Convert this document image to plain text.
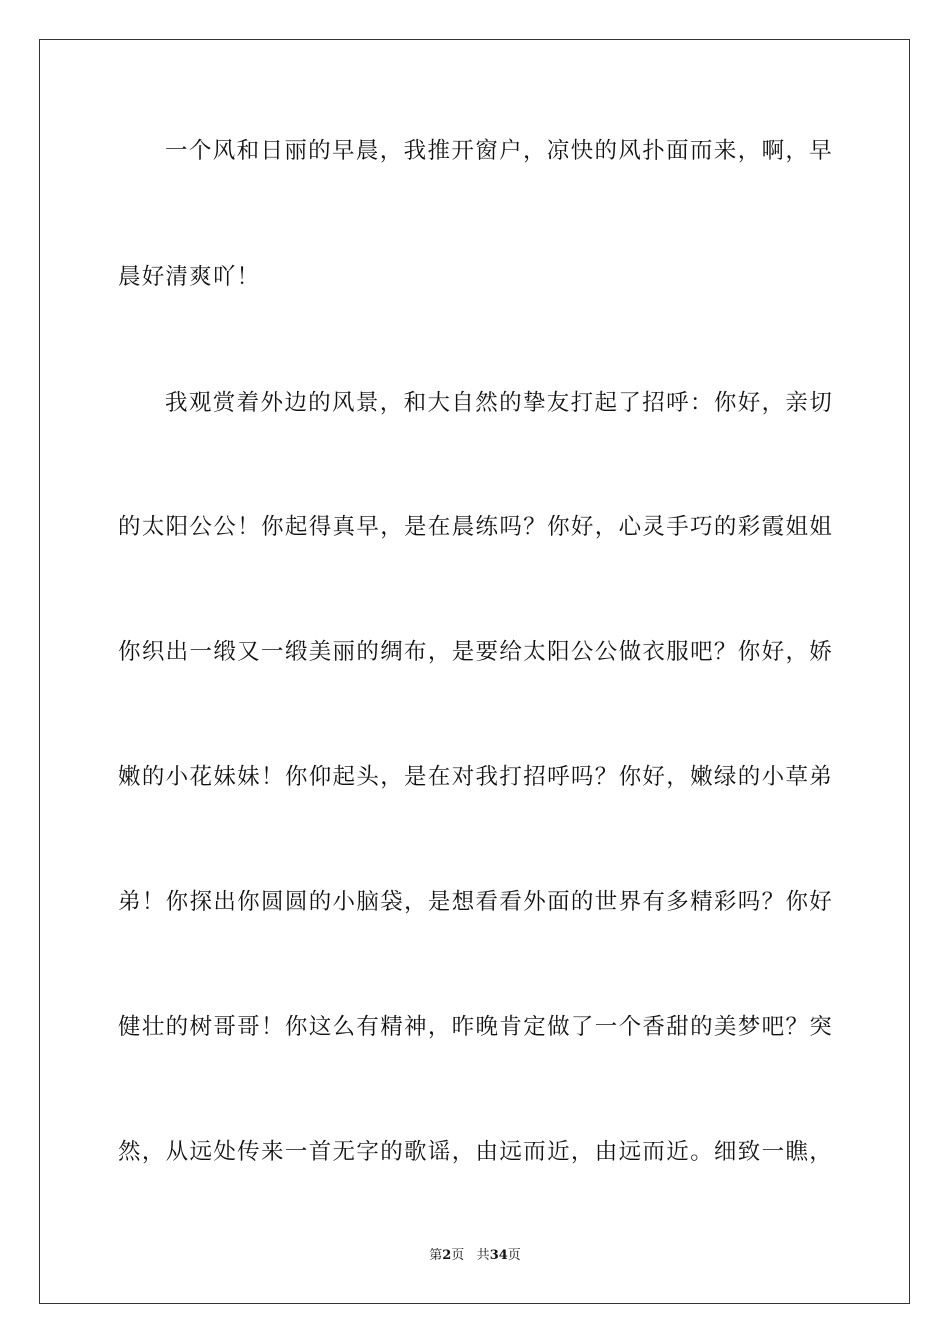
一个风和日丽的早晨，我推开窗户，凉快的风扑面而来，啊，早
晨好清爽吖！
我观赏着外边的风景，和大自然的挚友打起了招呼：你好，亲切
的太阳公公！你起得真早，是在晨练吗？你好，心灵手巧的彩霞姐姐
你织出一缎又一缎美丽的绸布，是要给太阳公公做衣服吧？你好，娇
嫩的小花妹妹！你仰起头，是在对我打招呼吗？你好，嫩绿的小草弟
弟！你探出你圆圆的小脑袋，是想看看外面的世界有多精彩吗？你好
健壮的树哥哥！你这么有精神，昨晚肯定做了一个香甜的美梦吧？突
然，从远处传来一首无字的歌谣，由远而近，由远而近。细致一瞧，
第2页 共34页
